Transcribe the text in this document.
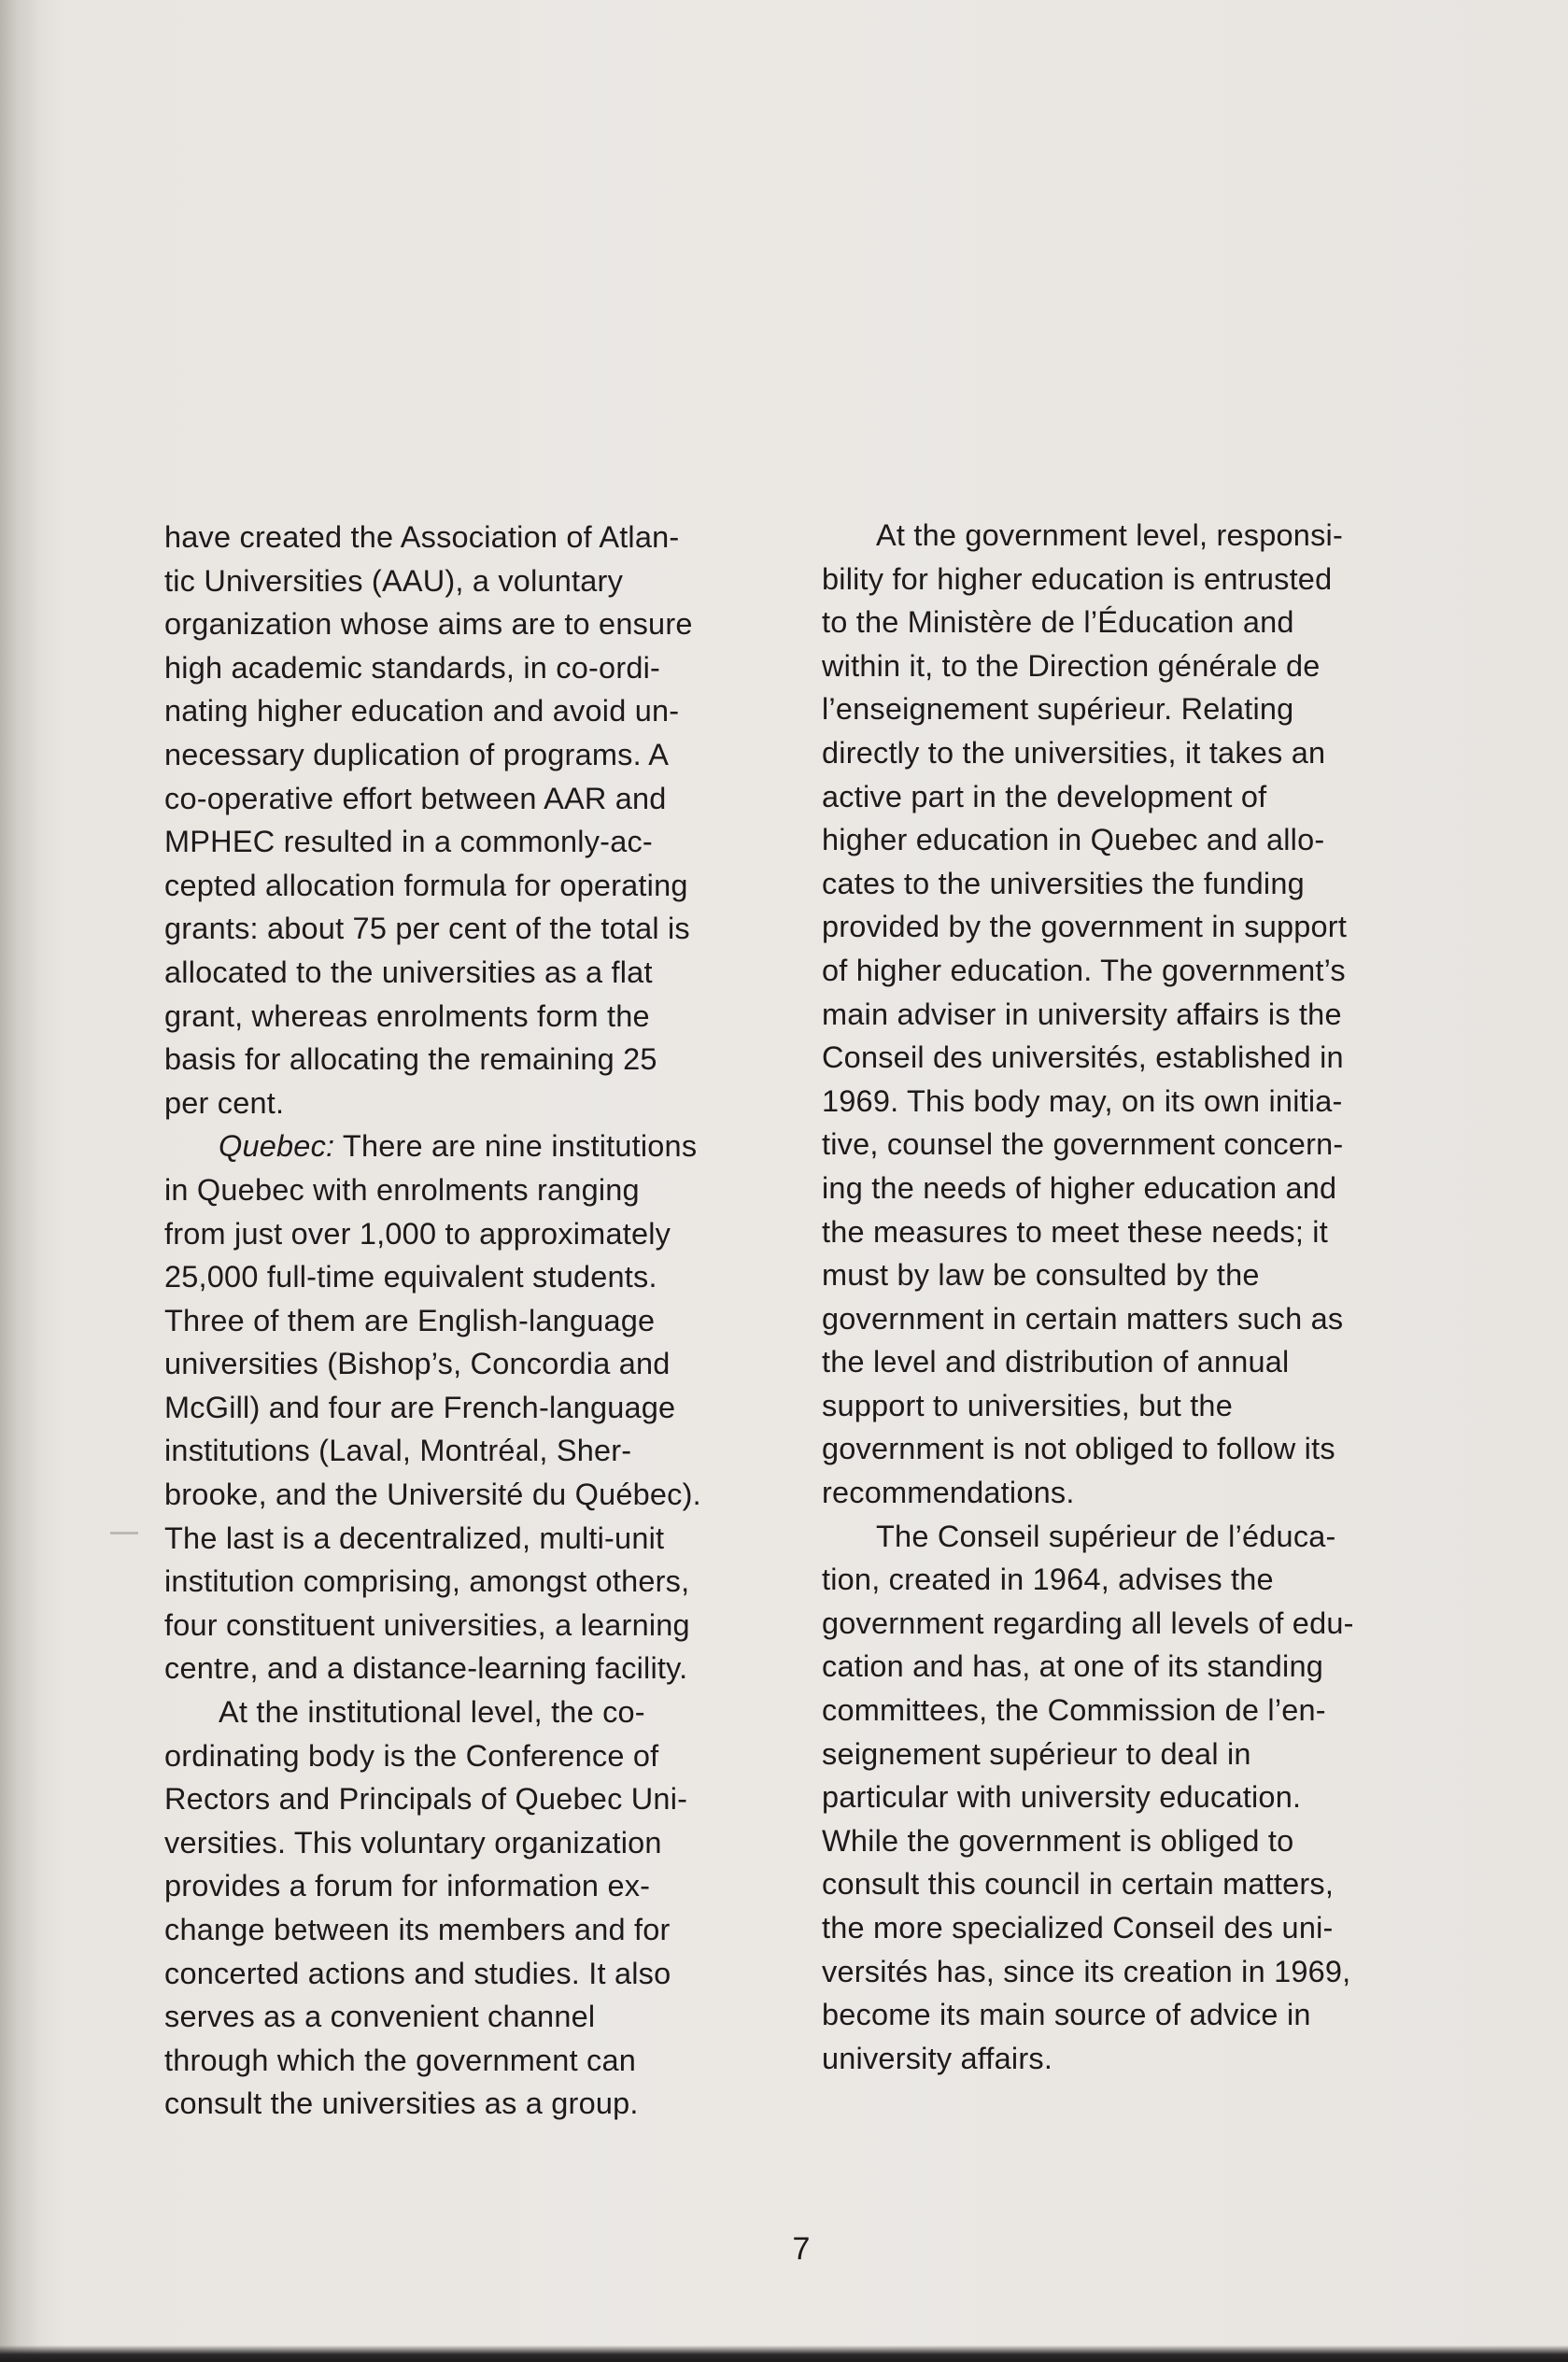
have created the Association of Atlan-
tic Universities (AAU), a voluntary
organization whose aims are to ensure
high academic standards, in co-ordi-
nating higher education and avoid un-
necessary duplication of programs. A
co-operative effort between AAR and
MPHEC resulted in a commonly-ac-
cepted allocation formula for operating
grants: about 75 per cent of the total is
allocated to the universities as a flat
grant, whereas enrolments form the
basis for allocating the remaining 25
per cent.

Quebec: There are nine institutions
in Quebec with enrolments ranging
from just over 1,000 to approximately
25,000 full-time equivalent students.
Three of them are English-language
universities (Bishop’s, Concordia and
McGill) and four are French-language
institutions (Laval, Montréal, Sher-
brooke, and the Université du Québec).
The last is a decentralized, multi-unit
institution comprising, amongst others,
four constituent universities, a learning
centre, and a distance-learning facility.

At the institutional level, the co-
ordinating body is the Conference of
Rectors and Principals of Quebec Uni-
versities. This voluntary organization
provides a forum for information ex-
change between its members and for
concerted actions and studies. It also
serves as a convenient channel
through which the government can
consult the universities as a group.

At the government level, responsi-
bility for higher education is entrusted
to the Ministère de l’Éducation and
within it, to the Direction générale de
l’enseignement supérieur. Relating
directly to the universities, it takes an
active part in the development of
higher education in Quebec and allo-
cates to the universities the funding
provided by the government in support
of higher education. The government’s
main adviser in university affairs is the
Conseil des universités, established in
1969. This body may, on its own initia-
tive, counsel the government concern-
ing the needs of higher education and
the measures to meet these needs; it
must by law be consulted by the
government in certain matters such as
the level and distribution of annual
support to universities, but the
government is not obliged to follow its
recommendations.

The Conseil supérieur de l’éduca-
tion, created in 1964, advises the
government regarding all levels of edu-
cation and has, at one of its standing
committees, the Commission de l’en-
seignement supérieur to deal in
particular with university education.
While the government is obliged to
consult this council in certain matters,
the more specialized Conseil des uni-
versités has, since its creation in 1969,
become its main source of advice in
university affairs.

7
